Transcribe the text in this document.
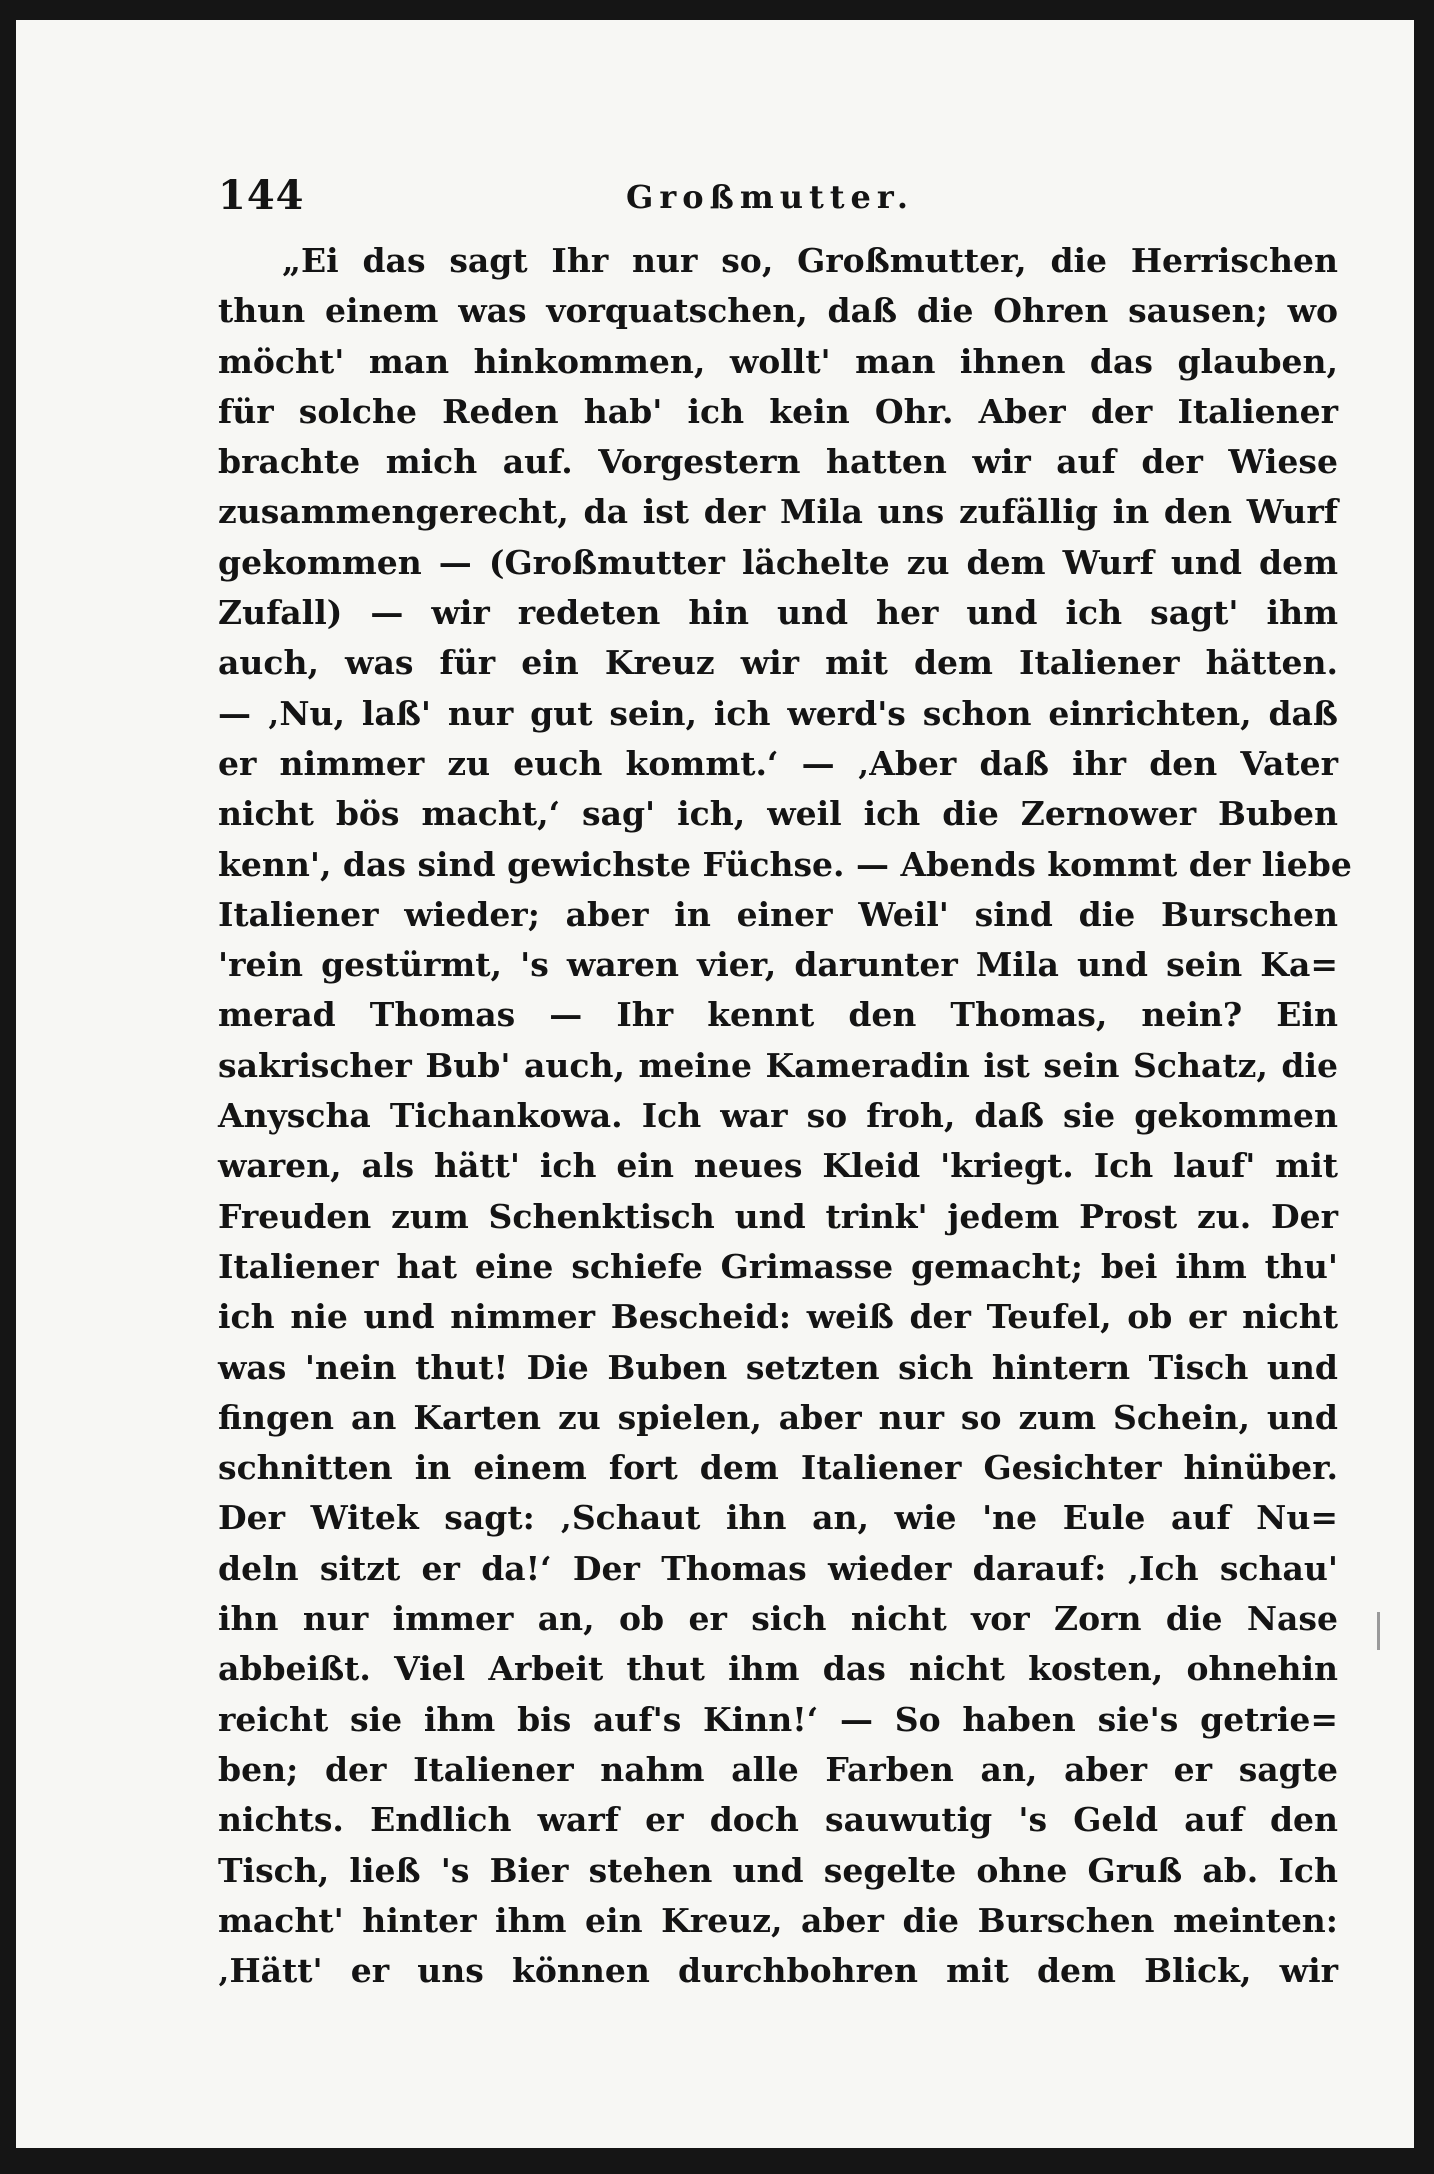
144	Großmutter.
„Ei das sagt Ihr nur so, Großmutter, die Herrischen
thun einem was vorquatschen, daß die Ohren sausen; wo
möcht' man hinkommen, wollt' man ihnen das glauben,
für solche Reden hab' ich kein Ohr. Aber der Italiener
brachte mich auf. Vorgestern hatten wir auf der Wiese
zusammengerecht, da ist der Mila uns zufällig in den Wurf
gekommen — (Großmutter lächelte zu dem Wurf und dem
Zufall) — wir redeten hin und her und ich sagt' ihm
auch, was für ein Kreuz wir mit dem Italiener hätten.
— ‚Nu, laß' nur gut sein, ich werd's schon einrichten, daß
er nimmer zu euch kommt.‘ — ‚Aber daß ihr den Vater
nicht bös macht,‘ sag' ich, weil ich die Zernower Buben
kenn', das sind gewichste Füchse. — Abends kommt der liebe
Italiener wieder; aber in einer Weil' sind die Burschen
'rein gestürmt, 's waren vier, darunter Mila und sein Ka=
merad Thomas — Ihr kennt den Thomas, nein? Ein
sakrischer Bub' auch, meine Kameradin ist sein Schatz, die
Anyscha Tichankowa. Ich war so froh, daß sie gekommen
waren, als hätt' ich ein neues Kleid 'kriegt. Ich lauf' mit
Freuden zum Schenktisch und trink' jedem Prost zu. Der
Italiener hat eine schiefe Grimasse gemacht; bei ihm thu'
ich nie und nimmer Bescheid: weiß der Teufel, ob er nicht
was 'nein thut! Die Buben setzten sich hintern Tisch und
fingen an Karten zu spielen, aber nur so zum Schein, und
schnitten in einem fort dem Italiener Gesichter hinüber.
Der Witek sagt: ‚Schaut ihn an, wie 'ne Eule auf Nu=
deln sitzt er da!‘ Der Thomas wieder darauf: ‚Ich schau'
ihn nur immer an, ob er sich nicht vor Zorn die Nase
abbeißt. Viel Arbeit thut ihm das nicht kosten, ohnehin
reicht sie ihm bis auf's Kinn!‘ — So haben sie's getrie=
ben; der Italiener nahm alle Farben an, aber er sagte
nichts. Endlich warf er doch sauwutig 's Geld auf den
Tisch, ließ 's Bier stehen und segelte ohne Gruß ab. Ich
macht' hinter ihm ein Kreuz, aber die Burschen meinten:
‚Hätt' er uns können durchbohren mit dem Blick, wir
